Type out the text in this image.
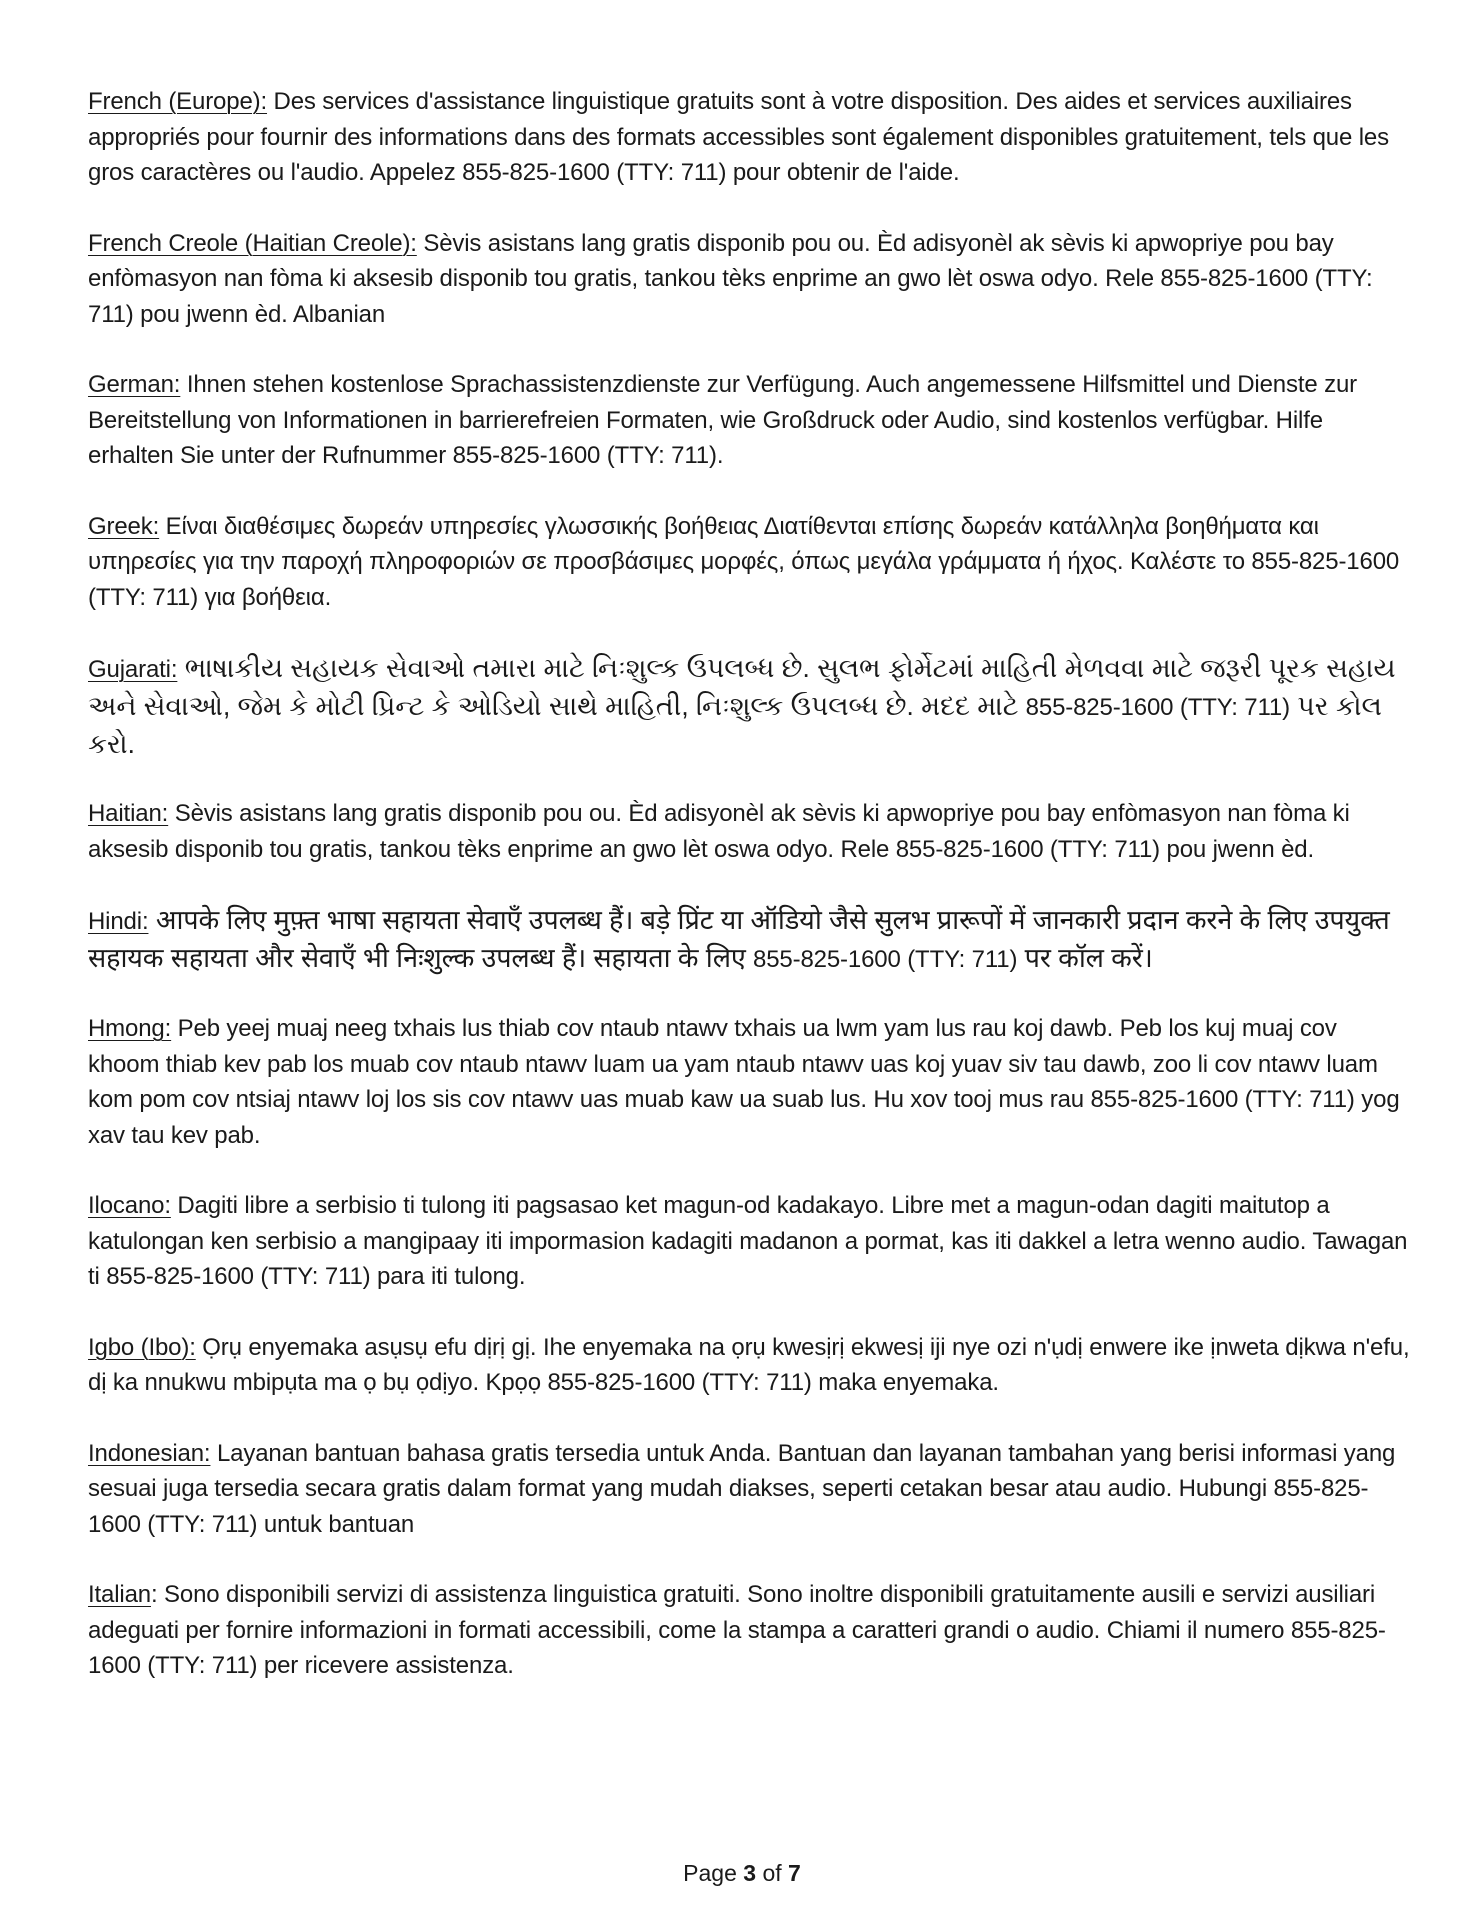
French (Europe): Des services d'assistance linguistique gratuits sont à votre disposition. Des aides et services auxiliaires appropriés pour fournir des informations dans des formats accessibles sont également disponibles gratuitement, tels que les gros caractères ou l'audio. Appelez 855-825-1600 (TTY: 711) pour obtenir de l'aide.

French Creole (Haitian Creole): Sèvis asistans lang gratis disponib pou ou. Èd adisyonèl ak sèvis ki apwopriye pou bay enfòmasyon nan fòma ki aksesib disponib tou gratis, tankou tèks enprime an gwo lèt oswa odyo. Rele 855-825-1600 (TTY: 711) pou jwenn èd. Albanian

German: Ihnen stehen kostenlose Sprachassistenzdienste zur Verfügung. Auch angemessene Hilfsmittel und Dienste zur Bereitstellung von Informationen in barrierefreien Formaten, wie Großdruck oder Audio, sind kostenlos verfügbar. Hilfe erhalten Sie unter der Rufnummer 855-825-1600 (TTY: 711).

Greek: Είναι διαθέσιμες δωρεάν υπηρεσίες γλωσσικής βοήθειας Διατίθενται επίσης δωρεάν κατάλληλα βοηθήματα και υπηρεσίες για την παροχή πληροφοριών σε προσβάσιμες μορφές, όπως μεγάλα γράμματα ή ήχος. Καλέστε το 855-825-1600 (TTY: 711) για βοήθεια.

Gujarati: ભાષાકીય સહાયક સેવાઓ તમારા માટે નિઃશુલ્ક ઉપલબ્ધ છે. સુલભ ફોર્મેટમાં માહિતી મેળવવા માટે જરૂરી પૂરક સહાય અને સેવાઓ, જેમ કે મોટી પ્રિન્ટ કે ઓડિયો સાથે માહિતી, નિઃશુલ્ક ઉપલબ્ધ છે. મદદ માટે 855-825-1600 (TTY: 711) પર કોલ કરો.

Haitian: Sèvis asistans lang gratis disponib pou ou. Èd adisyonèl ak sèvis ki apwopriye pou bay enfòmasyon nan fòma ki aksesib disponib tou gratis, tankou tèks enprime an gwo lèt oswa odyo. Rele 855-825-1600 (TTY: 711) pou jwenn èd.

Hindi: आपके लिए मुफ़्त भाषा सहायता सेवाएँ उपलब्ध हैं। बड़े प्रिंट या ऑडियो जैसे सुलभ प्रारूपों में जानकारी प्रदान करने के लिए उपयुक्त सहायक सहायता और सेवाएँ भी निःशुल्क उपलब्ध हैं। सहायता के लिए 855-825-1600 (TTY: 711) पर कॉल करें।

Hmong: Peb yeej muaj neeg txhais lus thiab cov ntaub ntawv txhais ua lwm yam lus rau koj dawb. Peb los kuj muaj cov khoom thiab kev pab los muab cov ntaub ntawv luam ua yam ntaub ntawv uas koj yuav siv tau dawb, zoo li cov ntawv luam kom pom cov ntsiaj ntawv loj los sis cov ntawv uas muab kaw ua suab lus. Hu xov tooj mus rau 855-825-1600 (TTY: 711) yog xav tau kev pab.

Ilocano: Dagiti libre a serbisio ti tulong iti pagsasao ket magun-od kadakayo. Libre met a magun-odan dagiti maitutop a katulongan ken serbisio a mangipaay iti impormasion kadagiti madanon a pormat, kas iti dakkel a letra wenno audio. Tawagan ti 855-825-1600 (TTY: 711) para iti tulong.

Igbo (Ibo): Ọrụ enyemaka asụsụ efu dịrị gị. Ihe enyemaka na ọrụ kwesịrị ekwesị iji nye ozi n'ụdị enwere ike ịnweta dịkwa n'efu, dị ka nnukwu mbipụta ma ọ bụ ọdịyo. Kpọọ 855-825-1600 (TTY: 711) maka enyemaka.

Indonesian: Layanan bantuan bahasa gratis tersedia untuk Anda. Bantuan dan layanan tambahan yang berisi informasi yang sesuai juga tersedia secara gratis dalam format yang mudah diakses, seperti cetakan besar atau audio. Hubungi 855-825-1600 (TTY: 711) untuk bantuan

Italian: Sono disponibili servizi di assistenza linguistica gratuiti. Sono inoltre disponibili gratuitamente ausili e servizi ausiliari adeguati per fornire informazioni in formati accessibili, come la stampa a caratteri grandi o audio. Chiami il numero 855-825-1600 (TTY: 711) per ricevere assistenza.

Page 3 of 7
